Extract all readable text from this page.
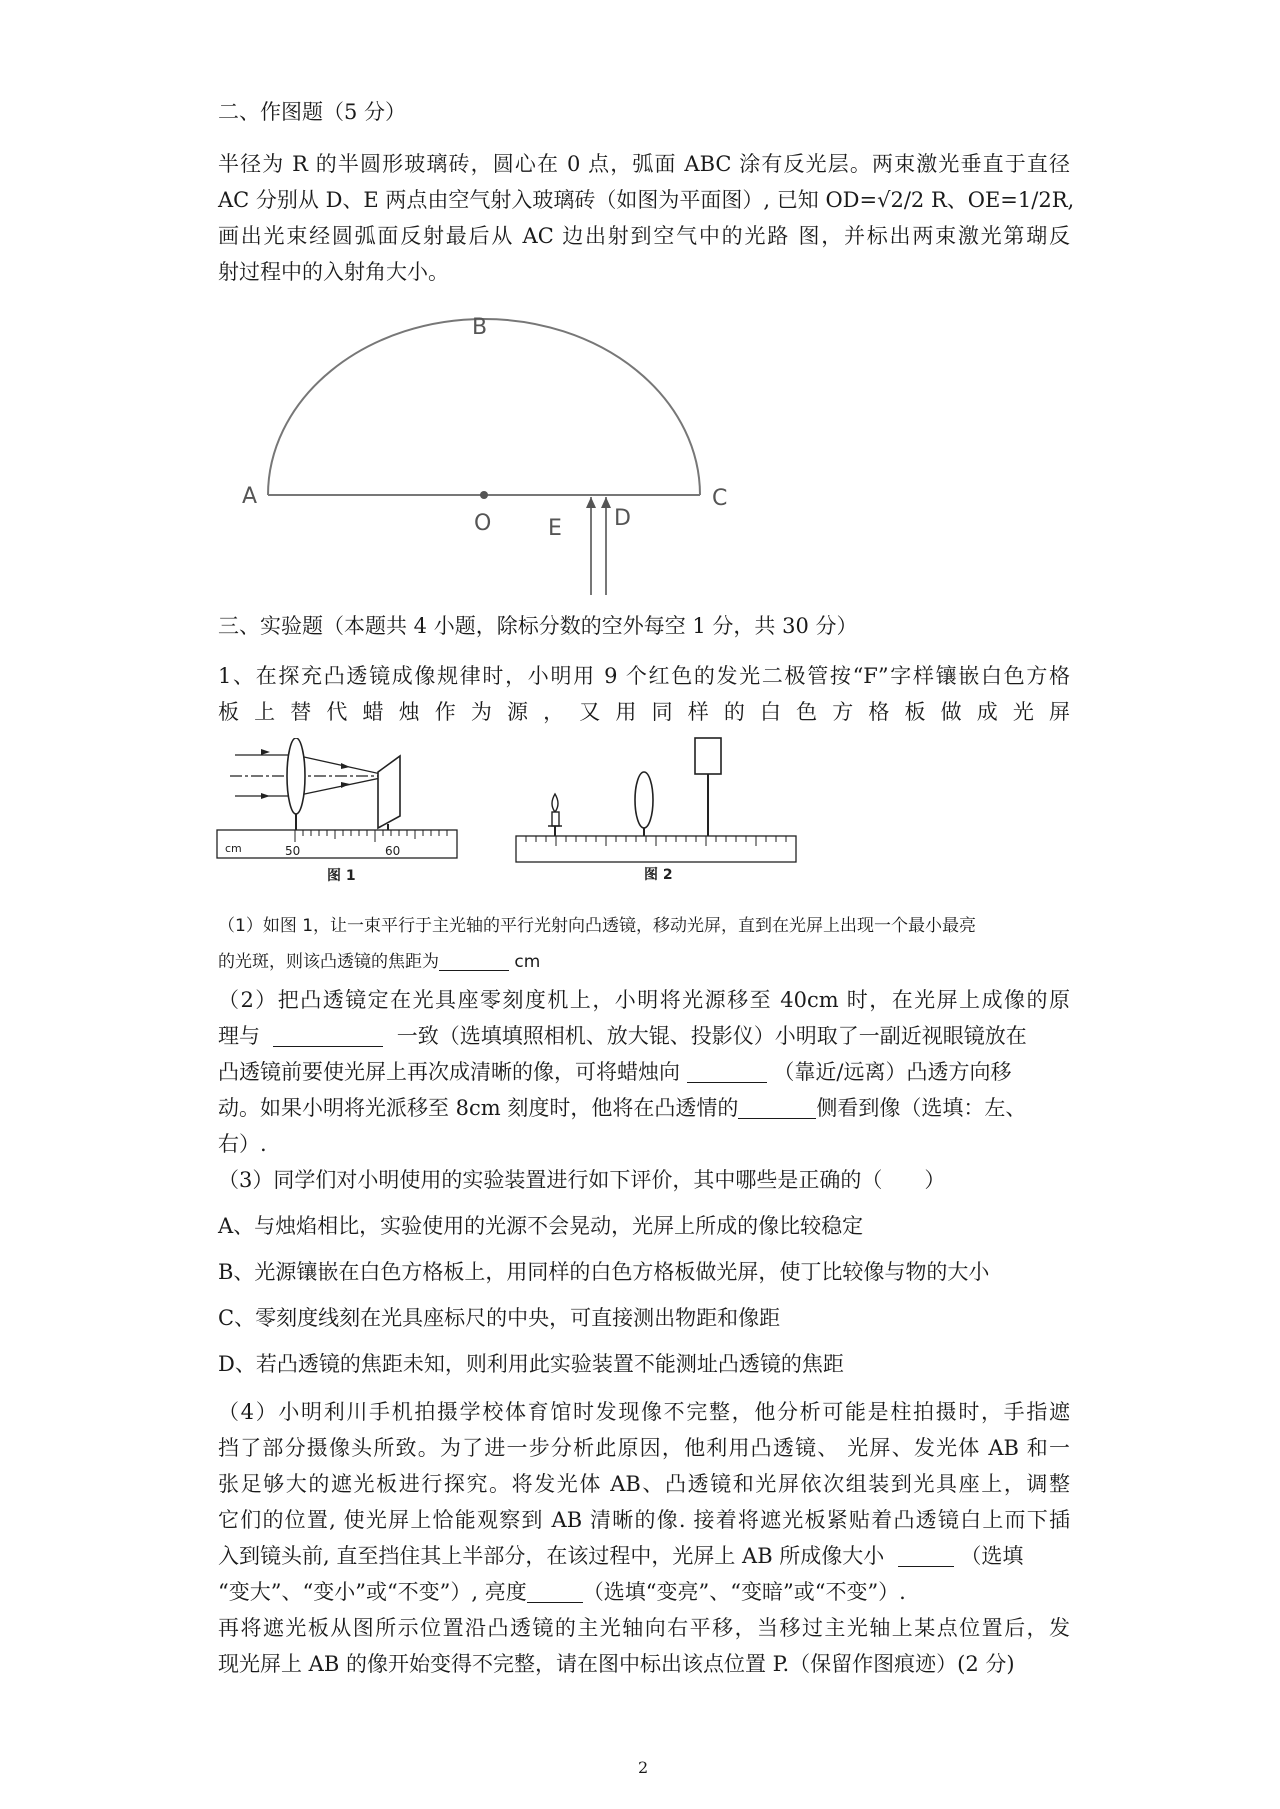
二、作图题（5 分）
半径为 R 的半圆形玻璃砖，圆心在 0 点，弧面 ABC 涂有反光层。两束激光垂直于直径
AC 分别从 D、E 两点由空气射入玻璃砖（如图为平面图）, 已知 OD=√2/2 R、OE=1/2R,
画出光束经圆弧面反射最后从 AC 边出射到空气中的光路 图，并标出两束激光第瑚反
射过程中的入射角大小。
B
A	C
O	E D
三、实验题（本题共 4 小题，除标分数的空外每空 1 分，共 30 分）
1、在探充凸透镜成像规律时，小明用 9 个红色的发光二极管按“F”字样镶嵌白色方格
板上替代蜡烛作为源，又用同样的白色方格板做成光屏
cm	50	60
图 1	图 2
（1）如图 1，让一束平行于主光轴的平行光射向凸透镜，移动光屏，直到在光屏上出现一个最小最亮
的光斑，则该凸透镜的焦距为	cm
（2）把凸透镜定在光具座零刻度机上，小明将光源移至 40cm 时，在光屏上成像的原
理与	一致（选填填照相机、放大锟、投影仪）小明取了一副近视眼镜放在
凸透镜前要使光屏上再次成清晰的像，可将蜡烛向	（靠近/远离）凸透方向移
动。如果小明将光派移至 8cm 刻度时，他将在凸透情的	侧看到像（选填：左、
右）.
（3）同学们对小明使用的实验装置进行如下评价，其中哪些是正确的（　　）
A、与烛焰相比，实验使用的光源不会晃动，光屏上所成的像比较稳定
B、光源镶嵌在白色方格板上，用同样的白色方格板做光屏，使丁比较像与物的大小
C、零刻度线刻在光具座标尺的中央，可直接测出物距和像距
D、若凸透镜的焦距未知，则利用此实验装置不能测址凸透镜的焦距
（4）小明利川手机拍摄学校体育馆时发现像不完整，他分析可能是柱拍摄时，手指遮
挡了部分摄像头所致。为了进一步分析此原因，他利用凸透镜、 光屏、发光体 AB 和一
张足够大的遮光板进行探究。将发光体 AB、凸透镜和光屏依次组装到光具座上，调整
它们的位置, 使光屏上恰能观察到 AB 清晰的像. 接着将遮光板紧贴着凸透镜白上而下插
入到镜头前, 直至挡住其上半部分，在该过程中，光屏上 AB 所成像大小	（选填
“变大”、“变小”或“不变”）, 亮度	（选填“变亮”、“变暗”或“不变”）.
再将遮光板从图所示位置沿凸透镜的主光轴向右平移，当移过主光轴上某点位置后，发
现光屏上 AB 的像开始变得不完整，请在图中标出该点位置 P.（保留作图痕迹）(2 分)
2
